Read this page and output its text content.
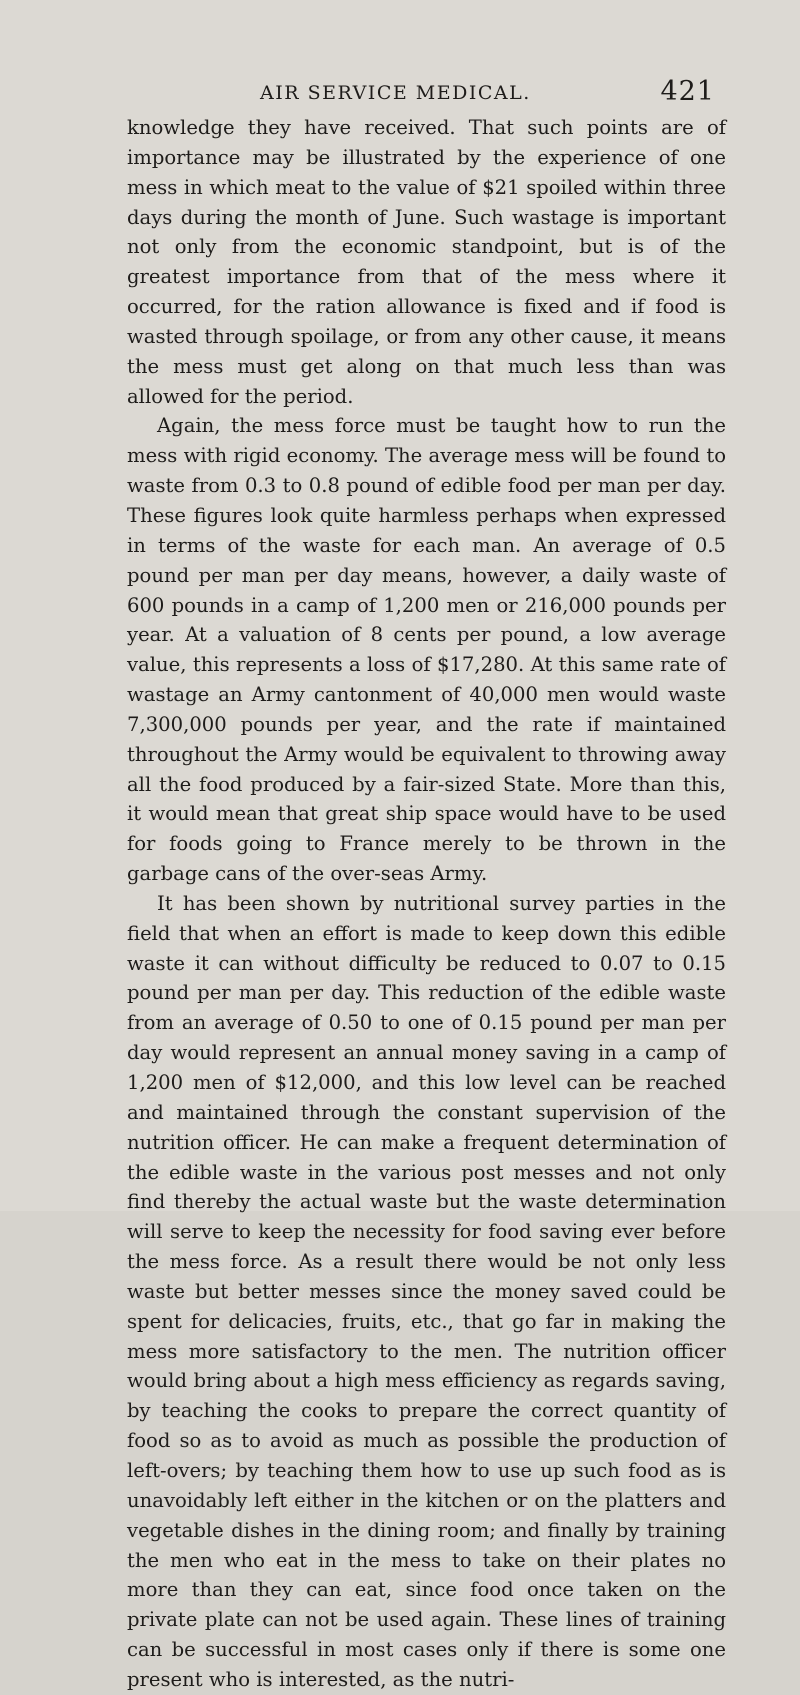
AIR SERVICE MEDICAL.	421

knowledge they have received. That such points are of importance may be illustrated by the experience of one mess in which meat to the value of $21 spoiled within three days during the month of June. Such wastage is important not only from the economic standpoint, but is of the greatest importance from that of the mess where it occurred, for the ration allowance is fixed and if food is wasted through spoilage, or from any other cause, it means the mess must get along on that much less than was allowed for the period.

Again, the mess force must be taught how to run the mess with rigid economy. The average mess will be found to waste from 0.3 to 0.8 pound of edible food per man per day. These figures look quite harmless perhaps when expressed in terms of the waste for each man. An average of 0.5 pound per man per day means, however, a daily waste of 600 pounds in a camp of 1,200 men or 216,000 pounds per year. At a valuation of 8 cents per pound, a low average value, this represents a loss of $17,280. At this same rate of wastage an Army cantonment of 40,000 men would waste 7,300,000 pounds per year, and the rate if maintained throughout the Army would be equivalent to throwing away all the food produced by a fair-sized State. More than this, it would mean that great ship space would have to be used for foods going to France merely to be thrown in the garbage cans of the over-seas Army.

It has been shown by nutritional survey parties in the field that when an effort is made to keep down this edible waste it can without difficulty be reduced to 0.07 to 0.15 pound per man per day. This reduction of the edible waste from an average of 0.50 to one of 0.15 pound per man per day would represent an annual money saving in a camp of 1,200 men of $12,000, and this low level can be reached and maintained through the constant supervision of the nutrition officer. He can make a frequent determination of the edible waste in the various post messes and not only find thereby the actual waste but the waste determination will serve to keep the necessity for food saving ever before the mess force. As a result there would be not only less waste but better messes since the money saved could be spent for delicacies, fruits, etc., that go far in making the mess more satisfactory to the men. The nutrition officer would bring about a high mess efficiency as regards saving, by teaching the cooks to prepare the correct quantity of food so as to avoid as much as possible the production of left-overs; by teaching them how to use up such food as is unavoidably left either in the kitchen or on the platters and vegetable dishes in the dining room; and finally by training the men who eat in the mess to take on their plates no more than they can eat, since food once taken on the private plate can not be used again. These lines of training can be successful in most cases only if there is some one present who is interested, as the nutri-
